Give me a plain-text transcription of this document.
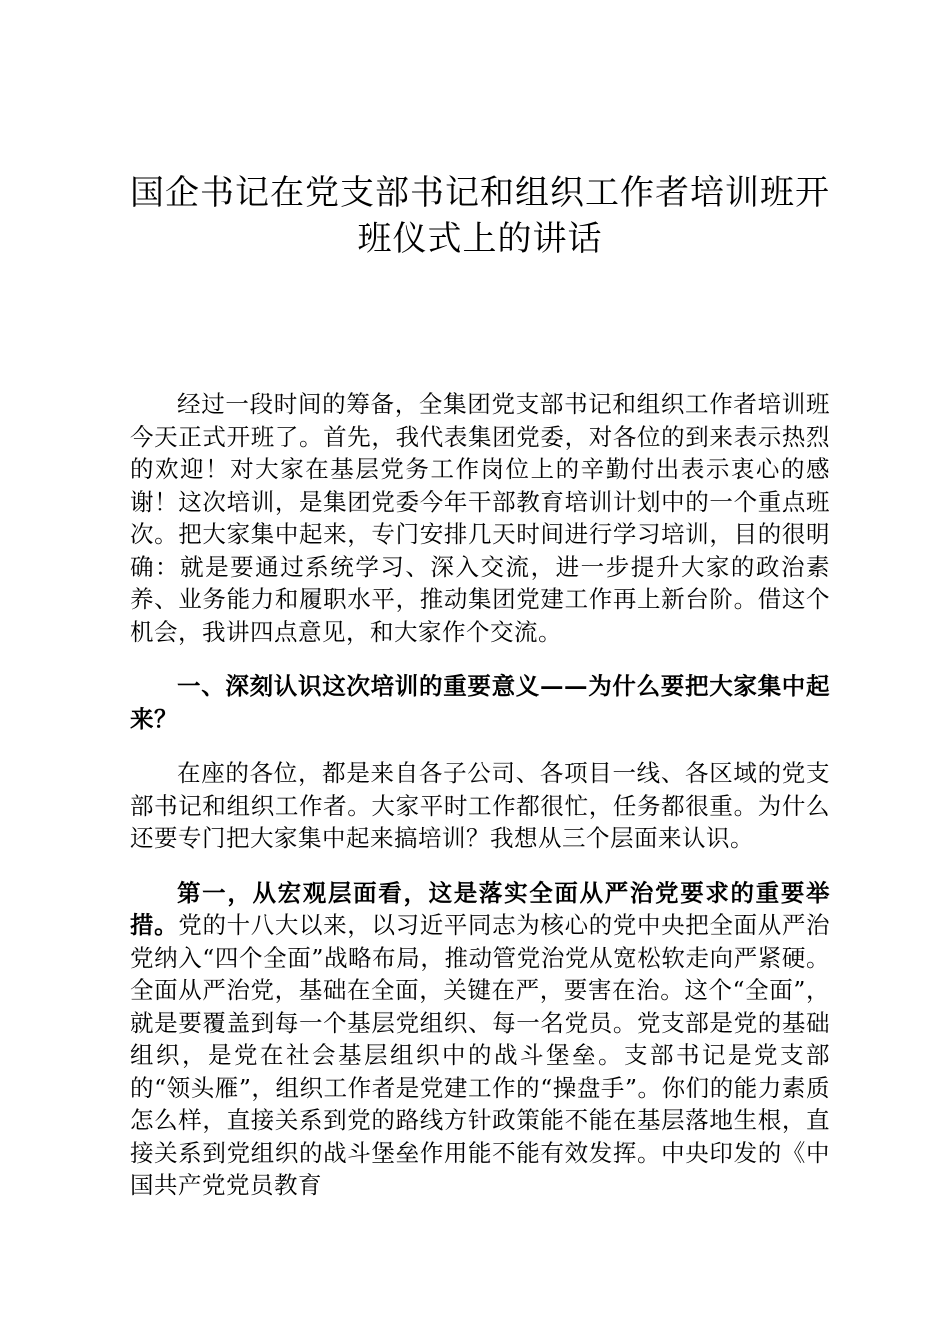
国企书记在党支部书记和组织工作者培训班开
班仪式上的讲话

经过一段时间的筹备，全集团党支部书记和组织工作者培训班今天正式开班了。首先，我代表集团党委，对各位的到来表示热烈的欢迎！对大家在基层党务工作岗位上的辛勤付出表示衷心的感谢！这次培训，是集团党委今年干部教育培训计划中的一个重点班次。把大家集中起来，专门安排几天时间进行学习培训，目的很明确：就是要通过系统学习、深入交流，进一步提升大家的政治素养、业务能力和履职水平，推动集团党建工作再上新台阶。借这个机会，我讲四点意见，和大家作个交流。

一、深刻认识这次培训的重要意义——为什么要把大家集中起来？

在座的各位，都是来自各子公司、各项目一线、各区域的党支部书记和组织工作者。大家平时工作都很忙，任务都很重。为什么还要专门把大家集中起来搞培训？我想从三个层面来认识。

第一，从宏观层面看，这是落实全面从严治党要求的重要举措。党的十八大以来，以习近平同志为核心的党中央把全面从严治党纳入“四个全面”战略布局，推动管党治党从宽松软走向严紧硬。全面从严治党，基础在全面，关键在严，要害在治。这个“全面”，就是要覆盖到每一个基层党组织、每一名党员。党支部是党的基础组织，是党在社会基层组织中的战斗堡垒。支部书记是党支部的“领头雁”，组织工作者是党建工作的“操盘手”。你们的能力素质怎么样，直接关系到党的路线方针政策能不能在基层落地生根，直接关系到党组织的战斗堡垒作用能不能有效发挥。中央印发的《中国共产党党员教育
